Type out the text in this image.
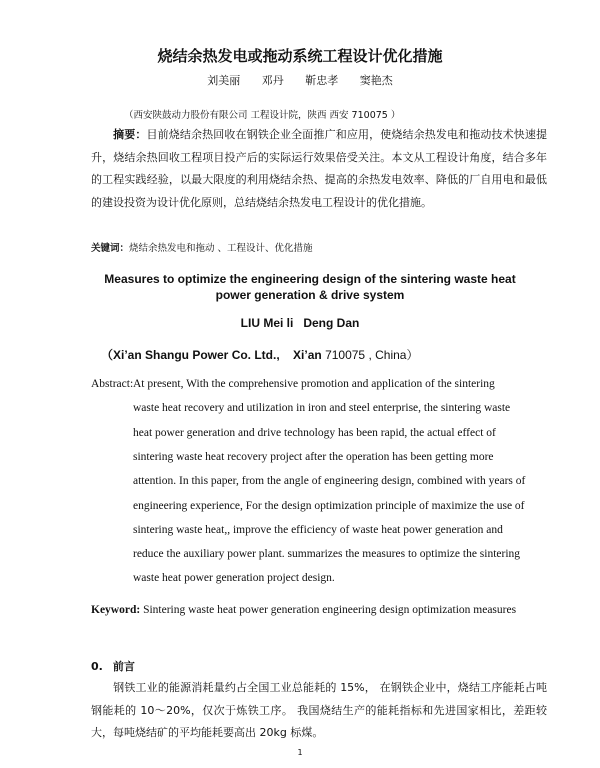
烧结余热发电或拖动系统工程设计优化措施
刘美丽 邓丹 靳忠孝 窦艳杰
（西安陕鼓动力股份有限公司 工程设计院，陕西 西安 710075 ）
摘要：目前烧结余热回收在钢铁企业全面推广和应用，使烧结余热发电和拖动技术快速提升，烧结余热回收工程项目投产后的实际运行效果倍受关注。本文从工程设计角度，结合多年的工程实践经验，以最大限度的利用烧结余热、提高的余热发电效率、降低的厂自用电和最低的建设投资为设计优化原则，总结烧结余热发电工程设计的优化措施。
关键词：烧结余热发电和拖动 、工程设计、优化措施
Measures to optimize the engineering design of the sintering waste heat
power generation & drive system
LIU Mei li Deng Dan
（Xi’an Shangu Power Co. Ltd., Xi’an 710075 , China）
Abstract: At present, With the comprehensive promotion and application of the sintering
waste heat recovery and utilization in iron and steel enterprise, the sintering waste
heat power generation and drive technology has been rapid, the actual effect of
sintering waste heat recovery project after the operation has been getting more
attention. In this paper, from the angle of engineering design, combined with years of
engineering experience, For the design optimization principle of maximize the use of
sintering waste heat,, improve the efficiency of waste heat power generation and
reduce the auxiliary power plant. summarizes the measures to optimize the sintering
waste heat power generation project design.
Keyword: Sintering waste heat power generation engineering design optimization measures
0. 前言
钢铁工业的能源消耗量约占全国工业总能耗的 15%， 在钢铁企业中，烧结工序能耗占吨钢能耗的 10～20%，仅次于炼铁工序。 我国烧结生产的能耗指标和先进国家相比，差距较大，每吨烧结矿的平均能耗要高出 20kg 标煤。
1
